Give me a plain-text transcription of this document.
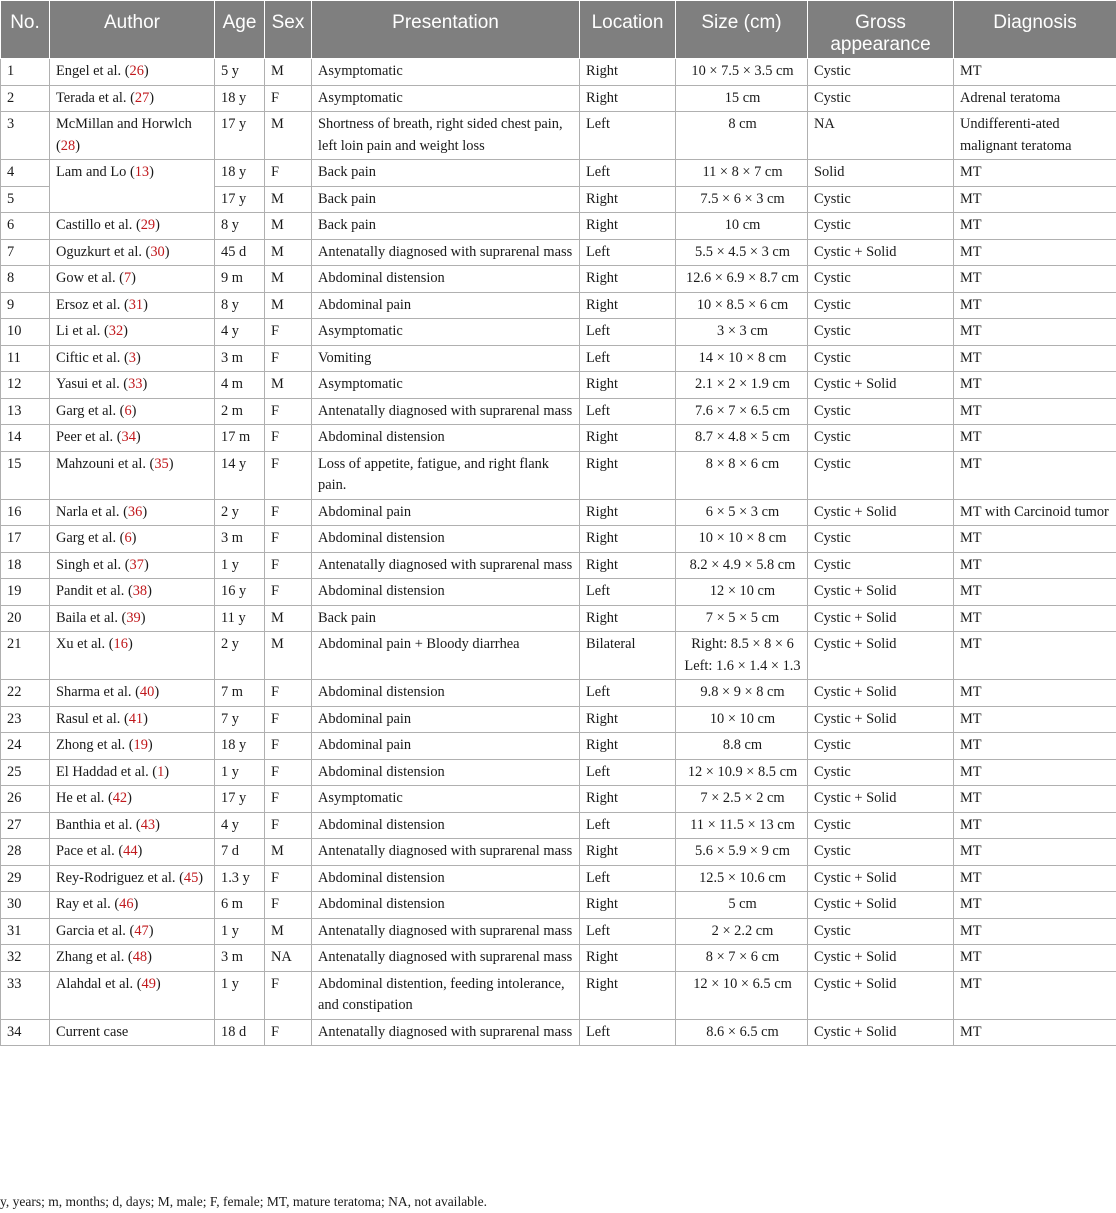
No.	Author	Age	Sex	Presentation	Location	Size (cm)	Gross appearance	Diagnosis
1	Engel et al. (26)	5 y	M	Asymptomatic	Right	10 × 7.5 × 3.5 cm	Cystic	MT
2	Terada et al. (27)	18 y	F	Asymptomatic	Right	15 cm	Cystic	Adrenal teratoma
3	McMillan and Horwlch (28)	17 y	M	Shortness of breath, right sided chest pain, left loin pain and weight loss	Left	8 cm	NA	Undifferenti-ated malignant teratoma
4	Lam and Lo (13)	18 y	F	Back pain	Left	11 × 8 × 7 cm	Solid	MT
5		17 y	M	Back pain	Right	7.5 × 6 × 3 cm	Cystic	MT
6	Castillo et al. (29)	8 y	M	Back pain	Right	10 cm	Cystic	MT
7	Oguzkurt et al. (30)	45 d	M	Antenatally diagnosed with suprarenal mass	Left	5.5 × 4.5 × 3 cm	Cystic + Solid	MT
8	Gow et al. (7)	9 m	M	Abdominal distension	Right	12.6 × 6.9 × 8.7 cm	Cystic	MT
9	Ersoz et al. (31)	8 y	M	Abdominal pain	Right	10 × 8.5 × 6 cm	Cystic	MT
10	Li et al. (32)	4 y	F	Asymptomatic	Left	3 × 3 cm	Cystic	MT
11	Ciftic et al. (3)	3 m	F	Vomiting	Left	14 × 10 × 8 cm	Cystic	MT
12	Yasui et al. (33)	4 m	M	Asymptomatic	Right	2.1 × 2 × 1.9 cm	Cystic + Solid	MT
13	Garg et al. (6)	2 m	F	Antenatally diagnosed with suprarenal mass	Left	7.6 × 7 × 6.5 cm	Cystic	MT
14	Peer et al. (34)	17 m	F	Abdominal distension	Right	8.7 × 4.8 × 5 cm	Cystic	MT
15	Mahzouni et al. (35)	14 y	F	Loss of appetite, fatigue, and right flank pain.	Right	8 × 8 × 6 cm	Cystic	MT
16	Narla et al. (36)	2 y	F	Abdominal pain	Right	6 × 5 × 3 cm	Cystic + Solid	MT with Carcinoid tumor
17	Garg et al. (6)	3 m	F	Abdominal distension	Right	10 × 10 × 8 cm	Cystic	MT
18	Singh et al. (37)	1 y	F	Antenatally diagnosed with suprarenal mass	Right	8.2 × 4.9 × 5.8 cm	Cystic	MT
19	Pandit et al. (38)	16 y	F	Abdominal distension	Left	12 × 10 cm	Cystic + Solid	MT
20	Baila et al. (39)	11 y	M	Back pain	Right	7 × 5 × 5 cm	Cystic + Solid	MT
21	Xu et al. (16)	2 y	M	Abdominal pain + Bloody diarrhea	Bilateral	Right: 8.5 × 8 × 6
Left: 1.6 × 1.4 × 1.3	Cystic + Solid	MT
22	Sharma et al. (40)	7 m	F	Abdominal distension	Left	9.8 × 9 × 8 cm	Cystic + Solid	MT
23	Rasul et al. (41)	7 y	F	Abdominal pain	Right	10 × 10 cm	Cystic + Solid	MT
24	Zhong et al. (19)	18 y	F	Abdominal pain	Right	8.8 cm	Cystic	MT
25	El Haddad et al. (1)	1 y	F	Abdominal distension	Left	12 × 10.9 × 8.5 cm	Cystic	MT
26	He et al. (42)	17 y	F	Asymptomatic	Right	7 × 2.5 × 2 cm	Cystic + Solid	MT
27	Banthia et al. (43)	4 y	F	Abdominal distension	Left	11 × 11.5 × 13 cm	Cystic	MT
28	Pace et al. (44)	7 d	M	Antenatally diagnosed with suprarenal mass	Right	5.6 × 5.9 × 9 cm	Cystic	MT
29	Rey-Rodriguez et al. (45)	1.3 y	F	Abdominal distension	Left	12.5 × 10.6 cm	Cystic + Solid	MT
30	Ray et al. (46)	6 m	F	Abdominal distension	Right	5 cm	Cystic + Solid	MT
31	Garcia et al. (47)	1 y	M	Antenatally diagnosed with suprarenal mass	Left	2 × 2.2 cm	Cystic	MT
32	Zhang et al. (48)	3 m	NA	Antenatally diagnosed with suprarenal mass	Right	8 × 7 × 6 cm	Cystic + Solid	MT
33	Alahdal et al. (49)	1 y	F	Abdominal distention, feeding intolerance, and constipation	Right	12 × 10 × 6.5 cm	Cystic + Solid	MT
34	Current case	18 d	F	Antenatally diagnosed with suprarenal mass	Left	8.6 × 6.5 cm	Cystic + Solid	MT
y, years; m, months; d, days; M, male; F, female; MT, mature teratoma; NA, not available.
